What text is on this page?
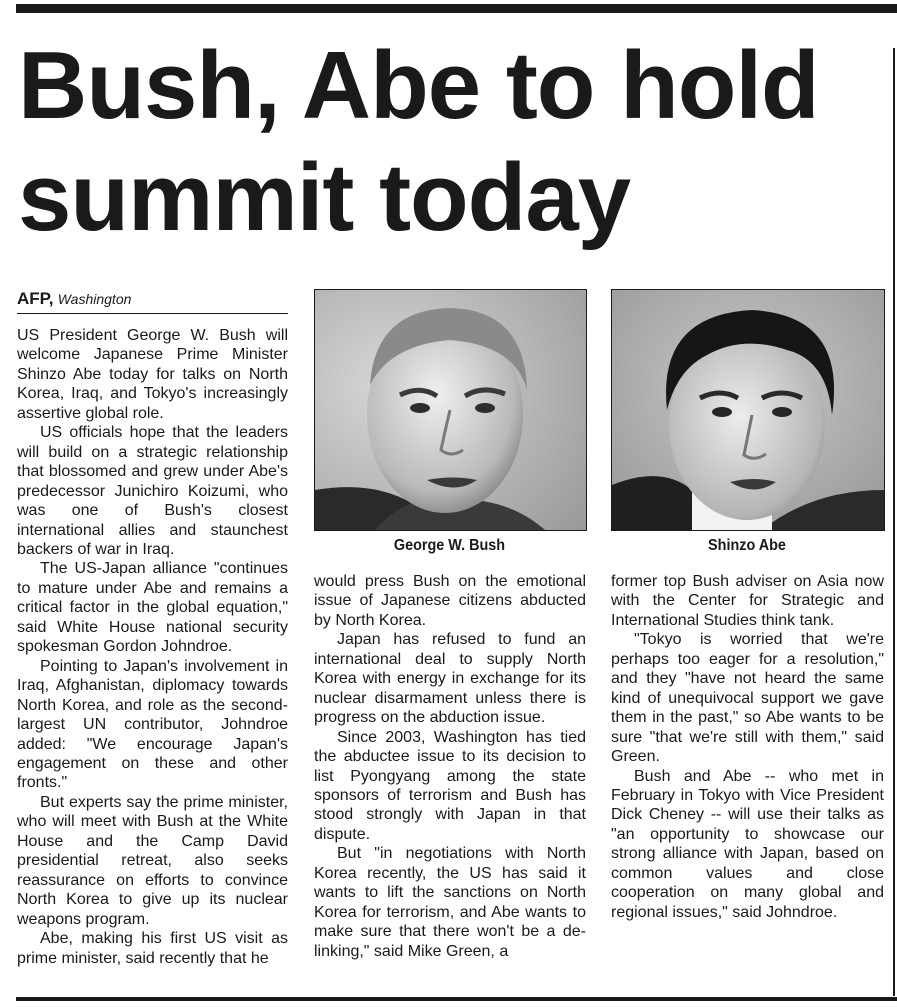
Bush, Abe to hold
summit today
AFP, Washington

US President George W. Bush will welcome Japanese Prime Minister Shinzo Abe today for talks on North Korea, Iraq, and Tokyo's increasingly assertive global role.

US officials hope that the leaders will build on a strategic relationship that blossomed and grew under Abe's predecessor Junichiro Koizumi, who was one of Bush's closest international allies and staunchest backers of war in Iraq.

The US-Japan alliance "continues to mature under Abe and remains a critical factor in the global equation," said White House national security spokesman Gordon Johndroe.

Pointing to Japan's involvement in Iraq, Afghanistan, diplomacy towards North Korea, and role as the second-largest UN contributor, Johndroe added: "We encourage Japan's engagement on these and other fronts."

But experts say the prime minister, who will meet with Bush at the White House and the Camp David presidential retreat, also seeks reassurance on efforts to convince North Korea to give up its nuclear weapons program.

Abe, making his first US visit as prime minister, said recently that he

George W. Bush	Shinzo Abe

would press Bush on the emotional issue of Japanese citizens abducted by North Korea.

Japan has refused to fund an international deal to supply North Korea with energy in exchange for its nuclear disarmament unless there is progress on the abduction issue.

Since 2003, Washington has tied the abductee issue to its decision to list Pyongyang among the state sponsors of terrorism and Bush has stood strongly with Japan in that dispute.

But "in negotiations with North Korea recently, the US has said it wants to lift the sanctions on North Korea for terrorism, and Abe wants to make sure that there won't be a de-linking," said Mike Green, a

former top Bush adviser on Asia now with the Center for Strategic and International Studies think tank.

"Tokyo is worried that we're perhaps too eager for a resolution," and they "have not heard the same kind of unequivocal support we gave them in the past," so Abe wants to be sure "that we're still with them," said Green.

Bush and Abe -- who met in February in Tokyo with Vice President Dick Cheney -- will use their talks as "an opportunity to showcase our strong alliance with Japan, based on common values and close cooperation on many global and regional issues," said Johndroe.
